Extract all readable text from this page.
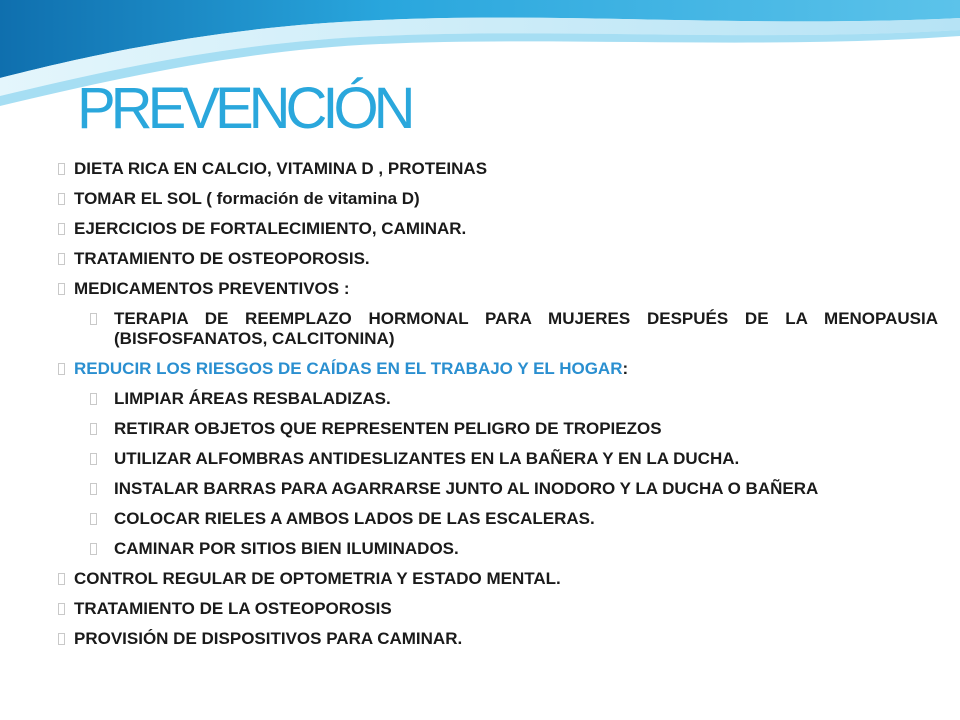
PREVENCIÓN
DIETA RICA EN CALCIO, VITAMINA D , PROTEINAS
TOMAR EL SOL ( formación de vitamina D)
EJERCICIOS DE FORTALECIMIENTO, CAMINAR.
TRATAMIENTO DE OSTEOPOROSIS.
MEDICAMENTOS PREVENTIVOS :
TERAPIA DE REEMPLAZO HORMONAL PARA MUJERES DESPUÉS DE LA MENOPAUSIA (BISFOSFANATOS, CALCITONINA)
REDUCIR LOS RIESGOS DE CAÍDAS EN EL TRABAJO Y EL HOGAR:
LIMPIAR ÁREAS RESBALADIZAS.
RETIRAR OBJETOS QUE REPRESENTEN PELIGRO DE TROPIEZOS
UTILIZAR ALFOMBRAS ANTIDESLIZANTES EN LA BAÑERA Y EN LA DUCHA.
INSTALAR BARRAS PARA AGARRARSE JUNTO AL INODORO Y LA DUCHA O BAÑERA
COLOCAR RIELES A AMBOS LADOS DE LAS ESCALERAS.
CAMINAR POR SITIOS BIEN ILUMINADOS.
CONTROL REGULAR DE OPTOMETRIA Y ESTADO MENTAL.
TRATAMIENTO DE LA OSTEOPOROSIS
PROVISIÓN DE DISPOSITIVOS PARA CAMINAR.
